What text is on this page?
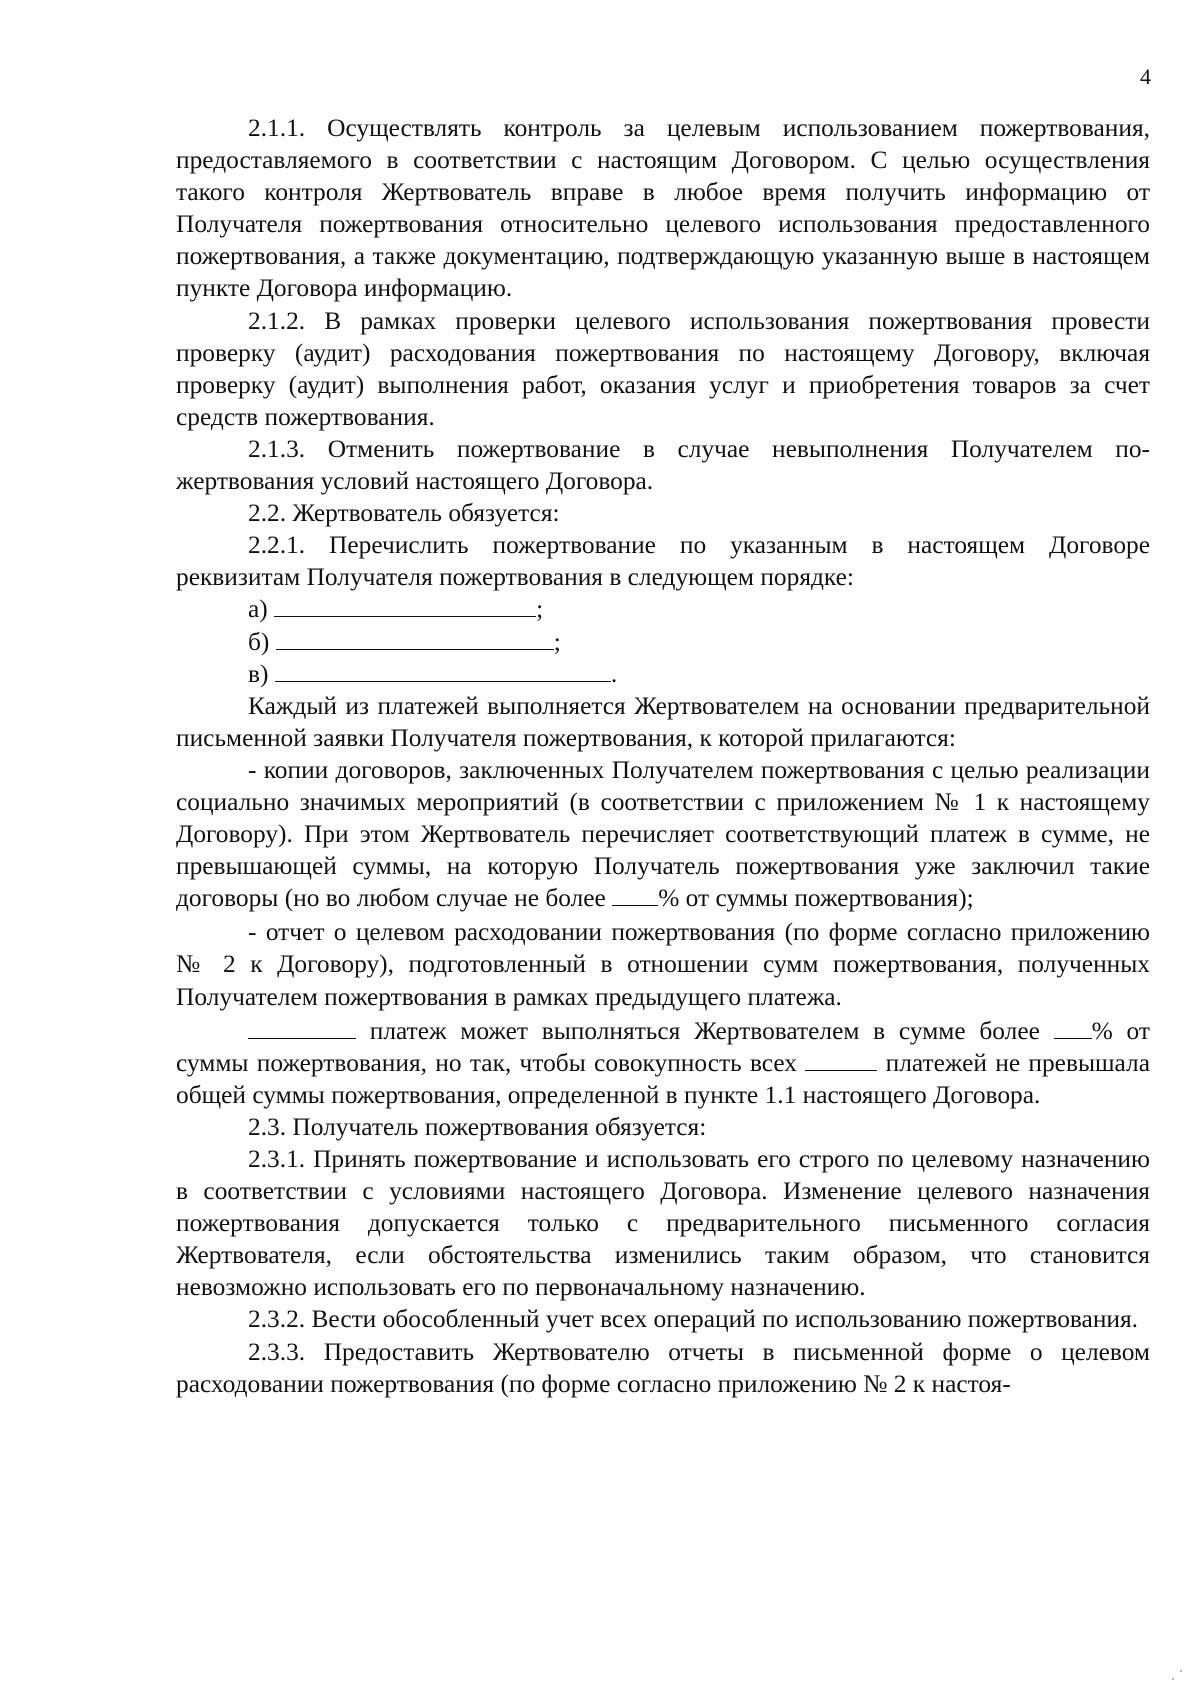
4

2.1.1. Осуществлять контроль за целевым использованием пожертвования, предоставляемого в соответствии с настоящим Договором. С целью осуществления такого контроля Жертвователь вправе в любое время получить информацию от Получателя пожертвования относительно целевого использования предоставленного пожертвования, а также документацию, подтверждающую указанную выше в настоящем пункте Договора информацию.

2.1.2. В рамках проверки целевого использования пожертвования провести проверку (аудит) расходования пожертвования по настоящему Договору, включая проверку (аудит) выполнения работ, оказания услуг и приобретения товаров за счет средств пожертвования.

2.1.3. Отменить пожертвование в случае невыполнения Получателем пожертвования условий настоящего Договора.

2.2. Жертвователь обязуется:

2.2.1. Перечислить пожертвование по указанным в настоящем Договоре реквизитам Получателя пожертвования в следующем порядке:

а)	;

б)	;

в)	.

Каждый из платежей выполняется Жертвователем на основании предварительной письменной заявки Получателя пожертвования, к которой прилагаются:

- копии договоров, заключенных Получателем пожертвования с целью реализации социально значимых мероприятий (в соответствии с приложением № 1 к настоящему Договору). При этом Жертвователь перечисляет соответствующий платеж в сумме, не превышающей суммы, на которую Получатель пожертвования уже заключил такие договоры (но во любом случае не более % от суммы пожертвования);

- отчет о целевом расходовании пожертвования (по форме согласно приложению № 2 к Договору), подготовленный в отношении сумм пожертвования, полученных Получателем пожертвования в рамках предыдущего платежа.

платеж может выполняться Жертвователем в сумме более % от суммы пожертвования, но так, чтобы совокупность всех	платежей не превышала общей суммы пожертвования, определенной в пункте 1.1 настоящего Договора.

2.3. Получатель пожертвования обязуется:

2.3.1. Принять пожертвование и использовать его строго по целевому назначению в соответствии с условиями настоящего Договора. Изменение целевого назначения пожертвования допускается только с предварительного письменного согласия Жертвователя, если обстоятельства изменились таким образом, что становится невозможно использовать его по первоначальному назначению.

2.3.2. Вести обособленный учет всех операций по использованию пожертвования.

2.3.3. Предоставить Жертвователю отчеты в письменной форме о целевом расходовании пожертвования (по форме согласно приложению № 2 к настоя-
